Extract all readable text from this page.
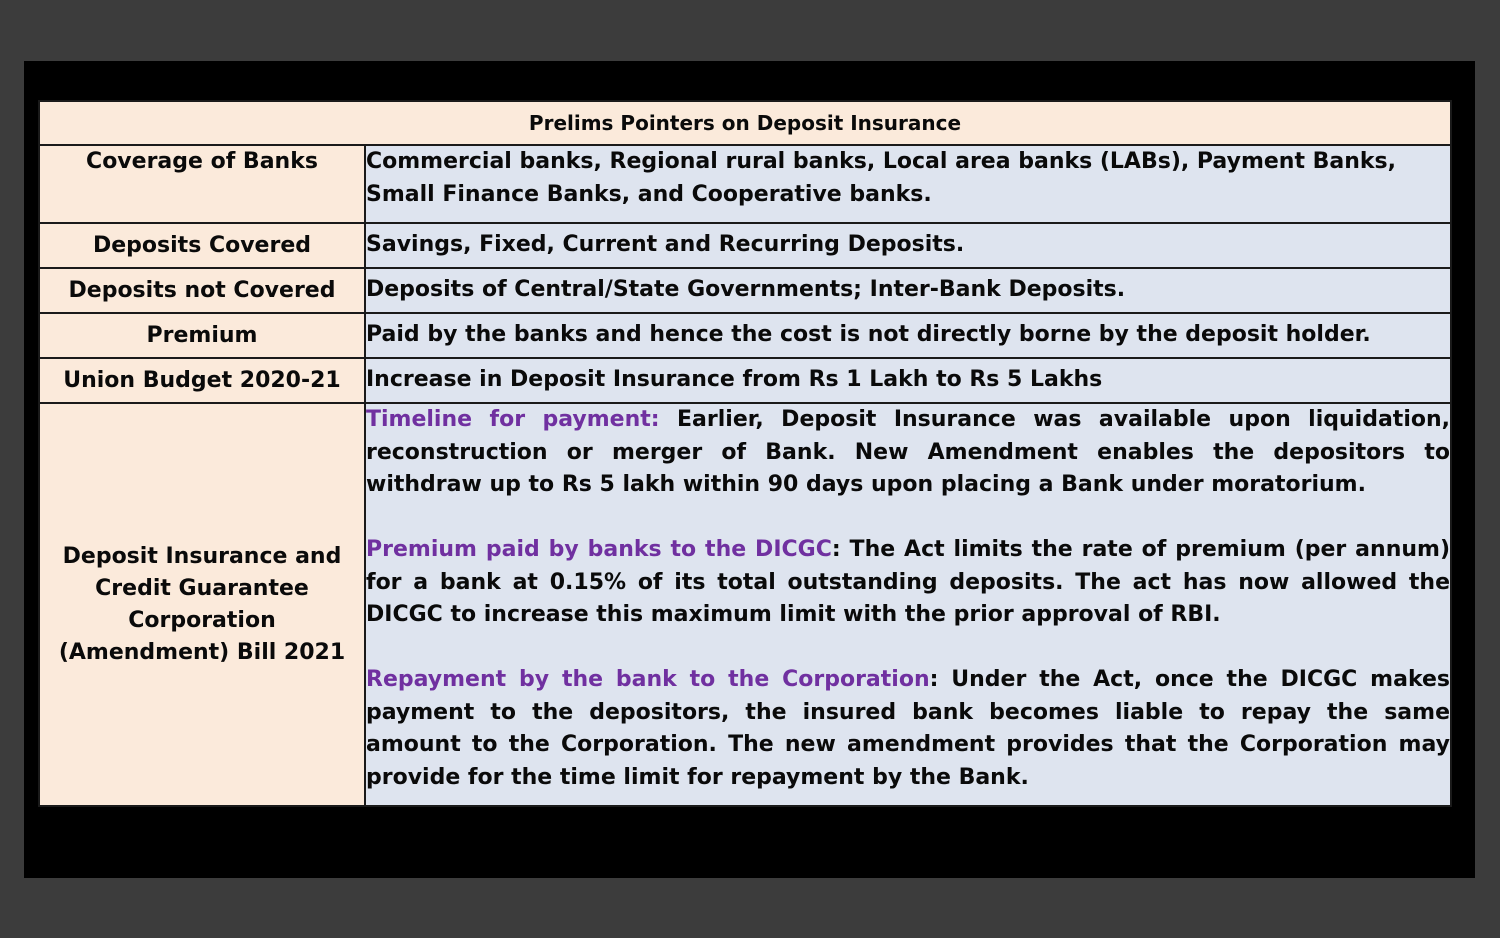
Prelims Pointers on Deposit Insurance	
Coverage of Banks	Commercial banks, Regional rural banks, Local area banks (LABs), Payment Banks, Small Finance Banks, and Cooperative banks.
Deposits Covered	Savings, Fixed, Current and Recurring Deposits.
Deposits not Covered	Deposits of Central/State Governments; Inter-Bank Deposits.
Premium	Paid by the banks and hence the cost is not directly borne by the deposit holder.
Union Budget 2020-21	Increase in Deposit Insurance from Rs 1 Lakh to Rs 5 Lakhs
Deposit Insurance and Credit Guarantee Corporation (Amendment) Bill 2021	Timeline for payment: Earlier, Deposit Insurance was available upon liquidation, reconstruction or merger of Bank. New Amendment enables the depositors to withdraw up to Rs 5 lakh within 90 days upon placing a Bank under moratorium.

Premium paid by banks to the DICGC: The Act limits the rate of premium (per annum) for a bank at 0.15% of its total outstanding deposits. The act has now allowed the DICGC to increase this maximum limit with the prior approval of RBI.

Repayment by the bank to the Corporation: Under the Act, once the DICGC makes payment to the depositors, the insured bank becomes liable to repay the same amount to the Corporation. The new amendment provides that the Corporation may provide for the time limit for repayment by the Bank.
